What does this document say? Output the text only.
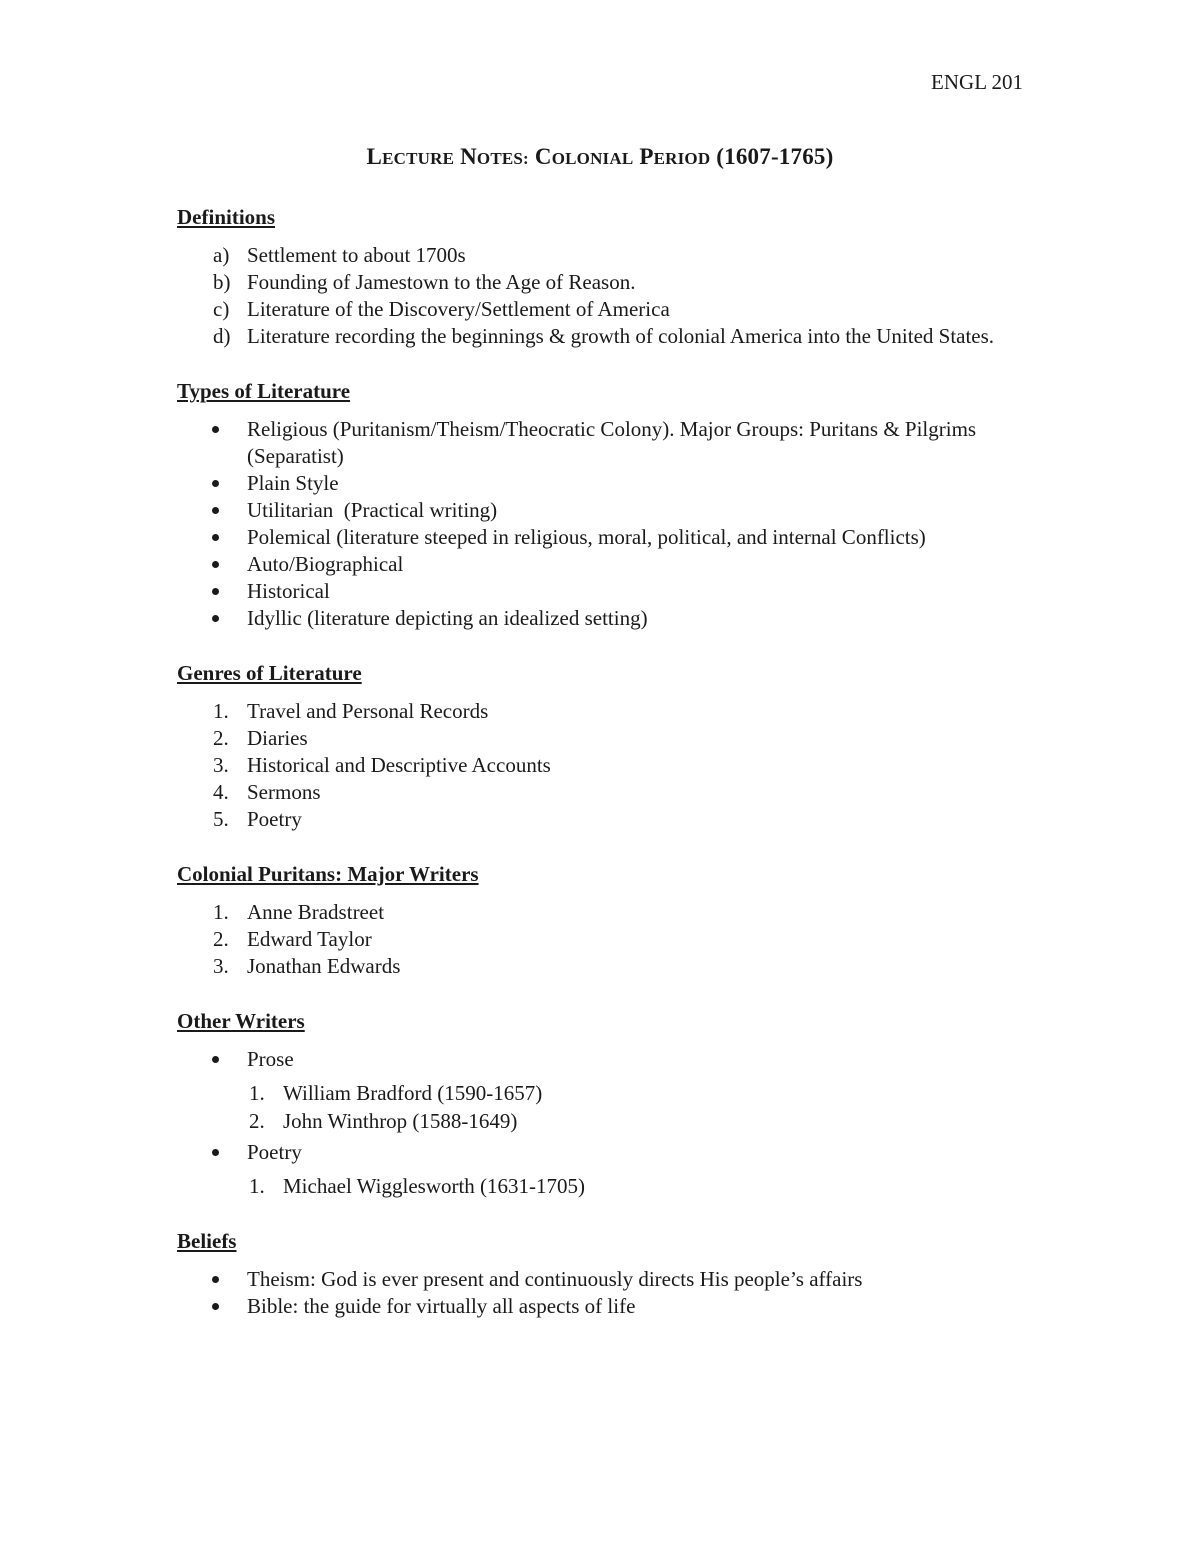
ENGL 201
LECTURE NOTES: COLONIAL PERIOD (1607-1765)
Definitions
a) Settlement to about 1700s
b) Founding of Jamestown to the Age of Reason.
c) Literature of the Discovery/Settlement of America
d) Literature recording the beginnings & growth of colonial America into the United States.
Types of Literature
Religious (Puritanism/Theism/Theocratic Colony). Major Groups: Puritans & Pilgrims (Separatist)
Plain Style
Utilitarian  (Practical writing)
Polemical (literature steeped in religious, moral, political, and internal Conflicts)
Auto/Biographical
Historical
Idyllic (literature depicting an idealized setting)
Genres of Literature
1. Travel and Personal Records
2. Diaries
3. Historical and Descriptive Accounts
4. Sermons
5. Poetry
Colonial Puritans: Major Writers
1. Anne Bradstreet
2. Edward Taylor
3. Jonathan Edwards
Other Writers
Prose
1. William Bradford (1590-1657)
2. John Winthrop (1588-1649)
Poetry
1. Michael Wigglesworth (1631-1705)
Beliefs
Theism: God is ever present and continuously directs His people’s affairs
Bible: the guide for virtually all aspects of life
